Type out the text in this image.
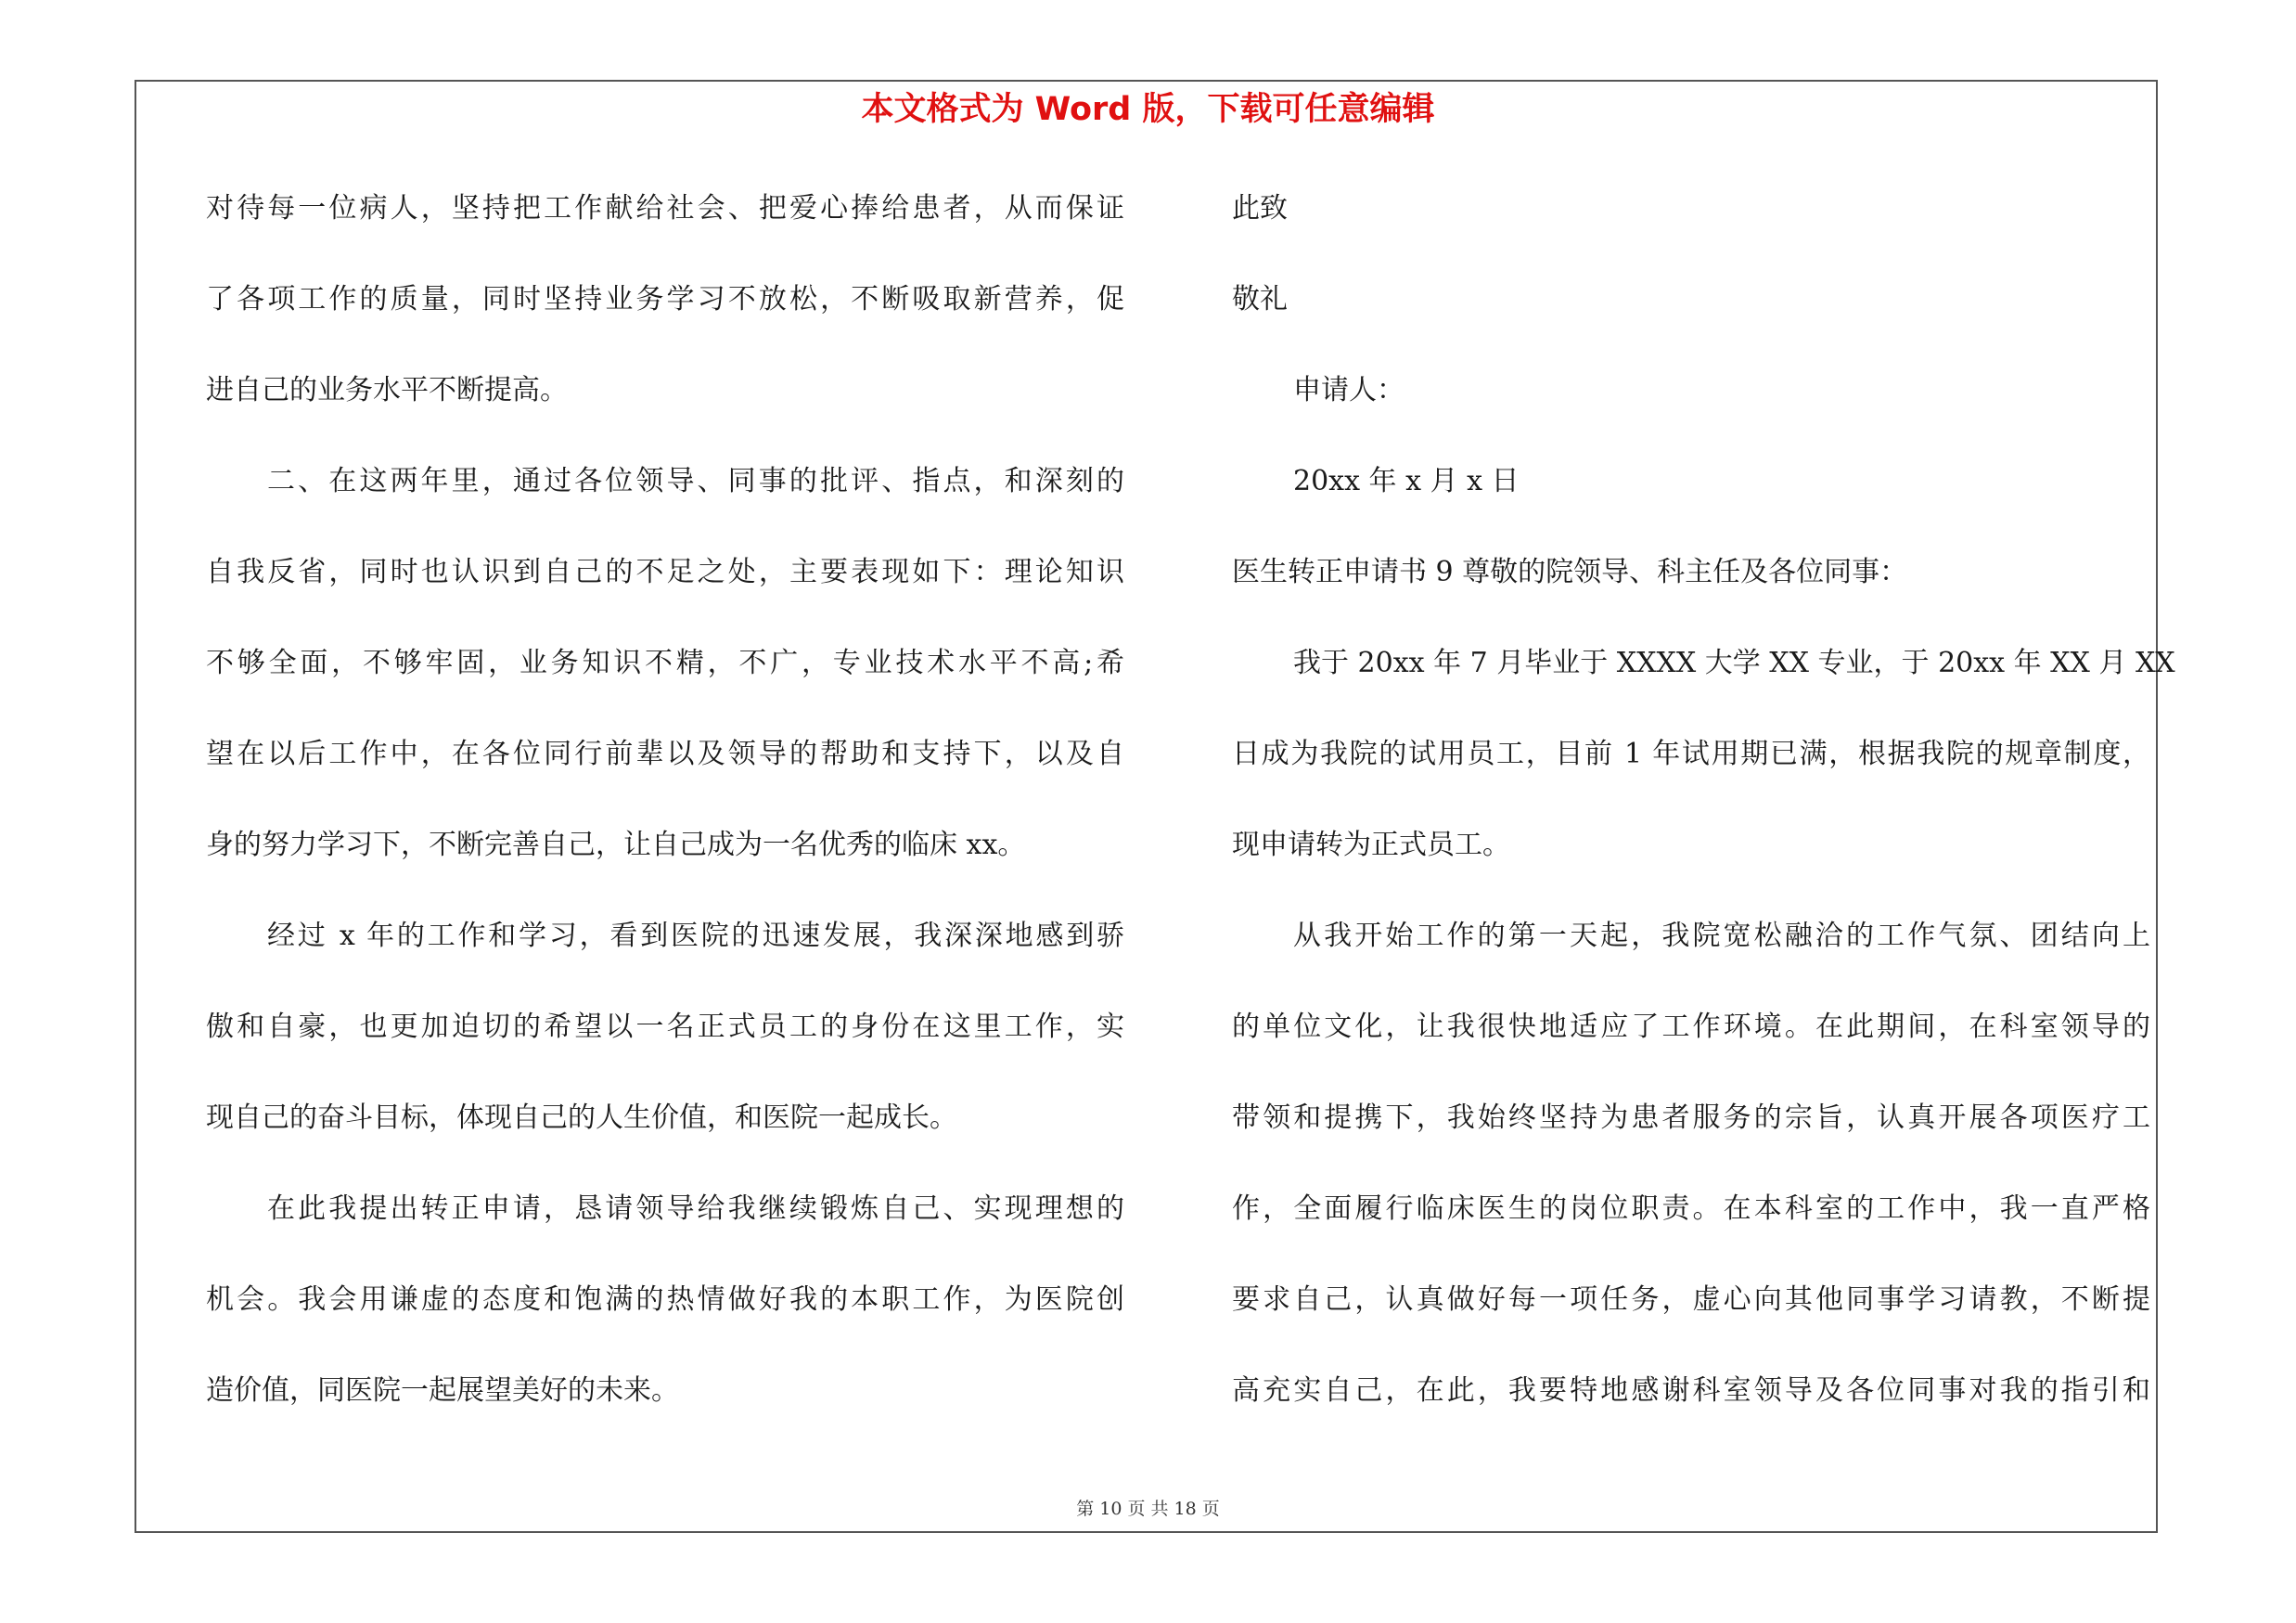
本文格式为 Word 版，下载可任意编辑
对待每一位病人，坚持把工作献给社会、把爱心捧给患者，从而保证
了各项工作的质量，同时坚持业务学习不放松，不断吸取新营养，促
进自己的业务水平不断提高。
二、在这两年里，通过各位领导、同事的批评、指点，和深刻的
自我反省，同时也认识到自己的不足之处，主要表现如下：理论知识
不够全面，不够牢固，业务知识不精，不广，专业技术水平不高;希
望在以后工作中，在各位同行前辈以及领导的帮助和支持下，以及自
身的努力学习下，不断完善自己，让自己成为一名优秀的临床 xx。
经过 x 年的工作和学习，看到医院的迅速发展，我深深地感到骄
傲和自豪，也更加迫切的希望以一名正式员工的身份在这里工作，实
现自己的奋斗目标，体现自己的人生价值，和医院一起成长。
在此我提出转正申请，恳请领导给我继续锻炼自己、实现理想的
机会。我会用谦虚的态度和饱满的热情做好我的本职工作，为医院创
造价值，同医院一起展望美好的未来。
此致
敬礼
申请人：
20xx 年 x 月 x 日
医生转正申请书 9 尊敬的院领导、科主任及各位同事：
我于 20xx 年 7 月毕业于 XXXX 大学 XX 专业，于 20xx 年 XX 月 XX
日成为我院的试用员工，目前 1 年试用期已满，根据我院的规章制度，
现申请转为正式员工。
从我开始工作的第一天起，我院宽松融洽的工作气氛、团结向上
的单位文化，让我很快地适应了工作环境。在此期间，在科室领导的
带领和提携下，我始终坚持为患者服务的宗旨，认真开展各项医疗工
作，全面履行临床医生的岗位职责。在本科室的工作中，我一直严格
要求自己，认真做好每一项任务，虚心向其他同事学习请教，不断提
高充实自己，在此，我要特地感谢科室领导及各位同事对我的指引和
第 10 页 共 18 页
